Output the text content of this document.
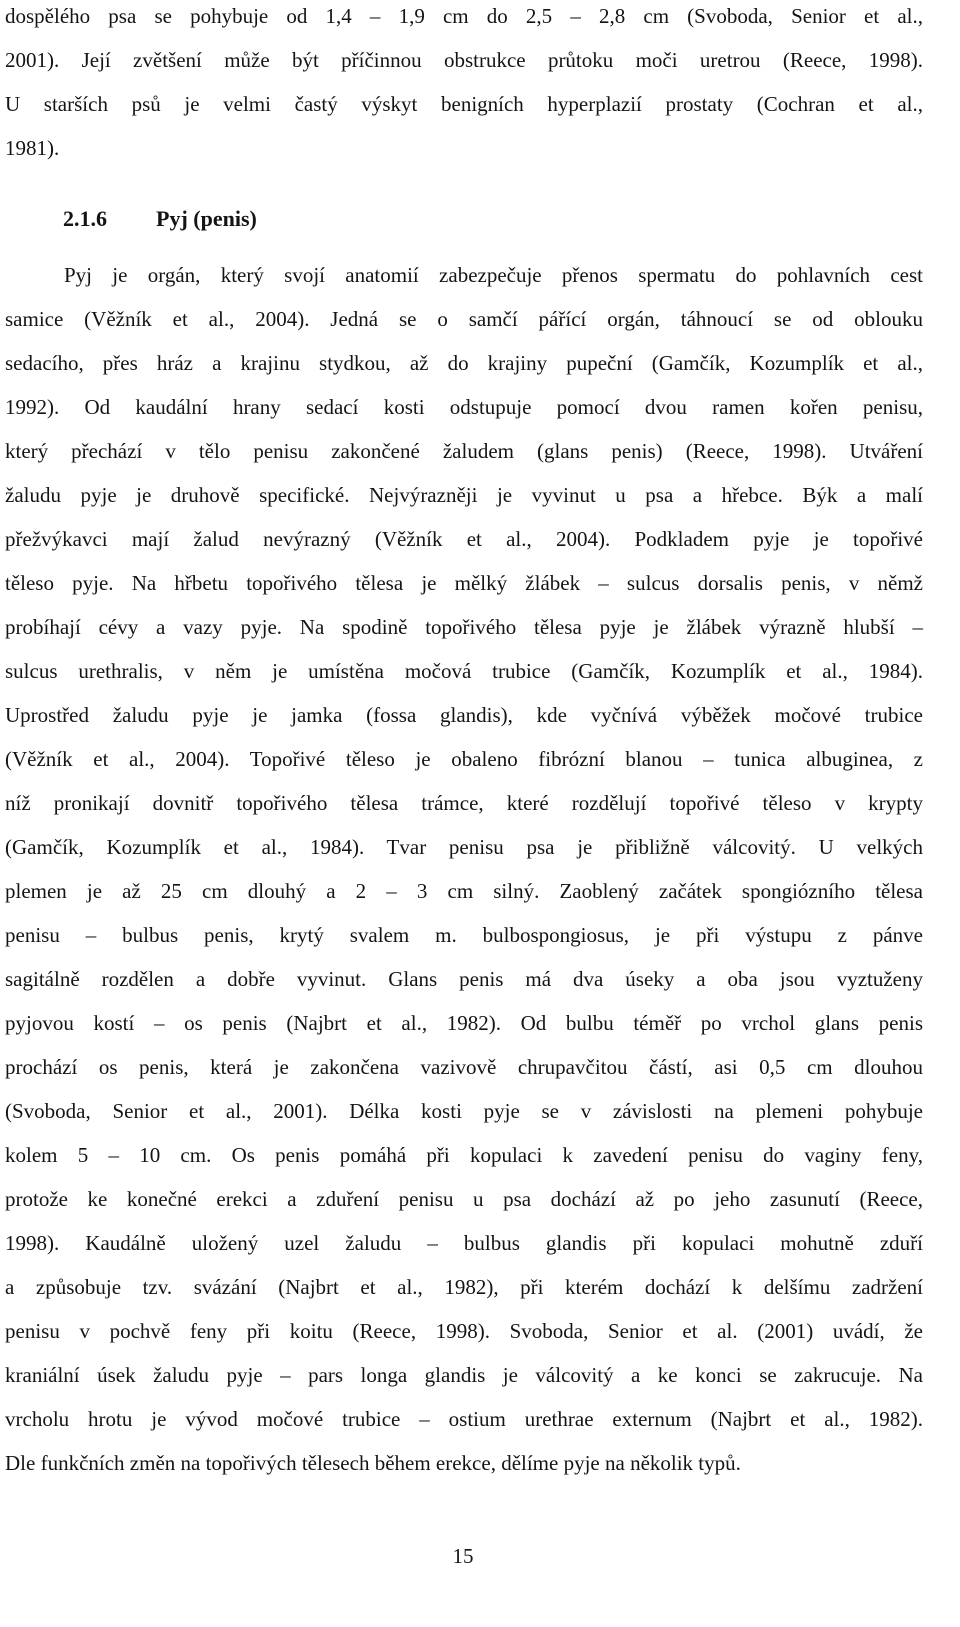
dospělého psa se pohybuje od 1,4 – 1,9 cm do 2,5 – 2,8 cm (Svoboda, Senior et al.,
2001). Její zvětšení může být příčinnou obstrukce průtoku moči uretrou (Reece, 1998).
U starších psů je velmi častý výskyt benigních hyperplazií prostaty (Cochran et al.,
1981).
2.1.6 Pyj (penis)
Pyj je orgán, který svojí anatomií zabezpečuje přenos spermatu do pohlavních cest
samice (Věžník et al., 2004). Jedná se o samčí pářící orgán, táhnoucí se od oblouku
sedacího, přes hráz a krajinu stydkou, až do krajiny pupeční (Gamčík, Kozumplík et al.,
1992). Od kaudální hrany sedací kosti odstupuje pomocí dvou ramen kořen penisu,
který přechází v tělo penisu zakončené žaludem (glans penis) (Reece, 1998). Utváření
žaludu pyje je druhově specifické. Nejvýrazněji je vyvinut u psa a hřebce. Býk a malí
přežvýkavci mají žalud nevýrazný (Věžník et al., 2004). Podkladem pyje je topořivé
těleso pyje. Na hřbetu topořivého tělesa je mělký žlábek – sulcus dorsalis penis, v němž
probíhají cévy a vazy pyje. Na spodině topořivého tělesa pyje je žlábek výrazně hlubší –
sulcus urethralis, v něm je umístěna močová trubice (Gamčík, Kozumplík et al., 1984).
Uprostřed žaludu pyje je jamka (fossa glandis), kde vyčnívá výběžek močové trubice
(Věžník et al., 2004). Topořivé těleso je obaleno fibrózní blanou – tunica albuginea, z
níž pronikají dovnitř topořivého tělesa trámce, které rozdělují topořivé těleso v krypty
(Gamčík, Kozumplík et al., 1984). Tvar penisu psa je přibližně válcovitý. U velkých
plemen je až 25 cm dlouhý a 2 – 3 cm silný. Zaoblený začátek spongiózního tělesa
penisu – bulbus penis, krytý svalem m. bulbospongiosus, je při výstupu z pánve
sagitálně rozdělen a dobře vyvinut. Glans penis má dva úseky a oba jsou vyztuženy
pyjovou kostí – os penis (Najbrt et al., 1982). Od bulbu téměř po vrchol glans penis
prochází os penis, která je zakončena vazivově chrupavčitou částí, asi 0,5 cm dlouhou
(Svoboda, Senior et al., 2001). Délka kosti pyje se v závislosti na plemeni pohybuje
kolem 5 – 10 cm. Os penis pomáhá při kopulaci k zavedení penisu do vaginy feny,
protože ke konečné erekci a zduření penisu u psa dochází až po jeho zasunutí (Reece,
1998). Kaudálně uložený uzel žaludu – bulbus glandis při kopulaci mohutně zduří
a způsobuje tzv. svázání (Najbrt et al., 1982), při kterém dochází k delšímu zadržení
penisu v pochvě feny při koitu (Reece, 1998). Svoboda, Senior et al. (2001) uvádí, že
kraniální úsek žaludu pyje – pars longa glandis je válcovitý a ke konci se zakrucuje. Na
vrcholu hrotu je vývod močové trubice – ostium urethrae externum (Najbrt et al., 1982).
Dle funkčních změn na topořivých tělesech během erekce, dělíme pyje na několik typů.
15
